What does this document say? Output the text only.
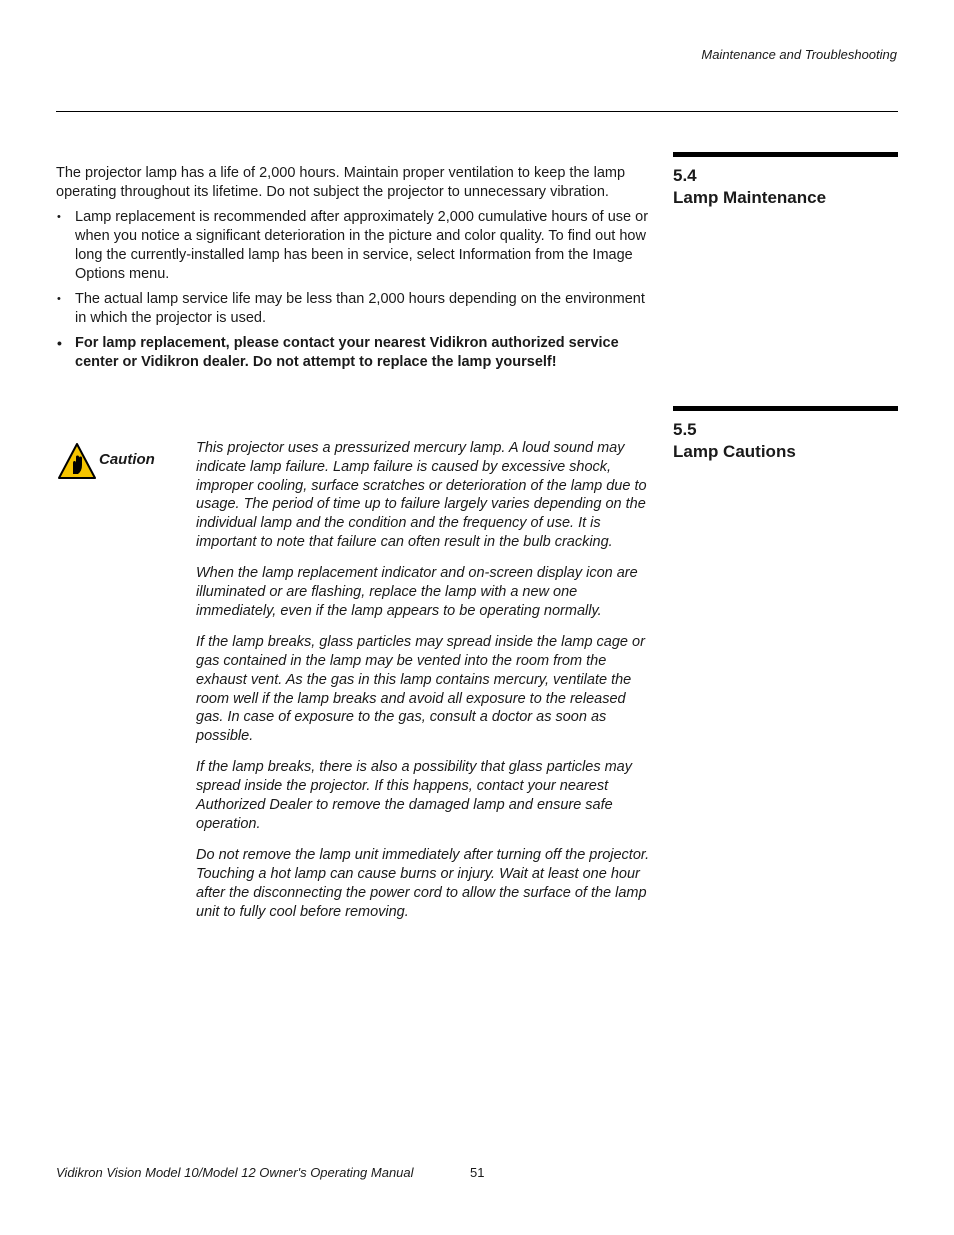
Maintenance and Troubleshooting
5.4
Lamp Maintenance

The projector lamp has a life of 2,000 hours. Maintain proper ventilation to keep the lamp operating throughout its lifetime. Do not subject the projector to unnecessary vibration.

• Lamp replacement is recommended after approximately 2,000 cumulative hours of use or when you notice a significant deterioration in the picture and color quality. To find out how long the currently-installed lamp has been in service, select Information from the Image Options menu.
• The actual lamp service life may be less than 2,000 hours depending on the environment in which the projector is used.
• For lamp replacement, please contact your nearest Vidikron authorized service center or Vidikron dealer. Do not attempt to replace the lamp yourself!
5.5
Lamp Cautions
Caution

This projector uses a pressurized mercury lamp. A loud sound may indicate lamp failure. Lamp failure is caused by excessive shock, improper cooling, surface scratches or deterioration of the lamp due to usage. The period of time up to failure largely varies depending on the individual lamp and the condition and the frequency of use. It is important to note that failure can often result in the bulb cracking.

When the lamp replacement indicator and on-screen display icon are illuminated or are flashing, replace the lamp with a new one immediately, even if the lamp appears to be operating normally.

If the lamp breaks, glass particles may spread inside the lamp cage or gas contained in the lamp may be vented into the room from the exhaust vent. As the gas in this lamp contains mercury, ventilate the room well if the lamp breaks and avoid all exposure to the released gas. In case of exposure to the gas, consult a doctor as soon as possible.

If the lamp breaks, there is also a possibility that glass particles may spread inside the projector. If this happens, contact your nearest Authorized Dealer to remove the damaged lamp and ensure safe operation.

Do not remove the lamp unit immediately after turning off the projector. Touching a hot lamp can cause burns or injury. Wait at least one hour after the disconnecting the power cord to allow the surface of the lamp unit to fully cool before removing.

Vidikron Vision Model 10/Model 12 Owner's Operating Manual	51
